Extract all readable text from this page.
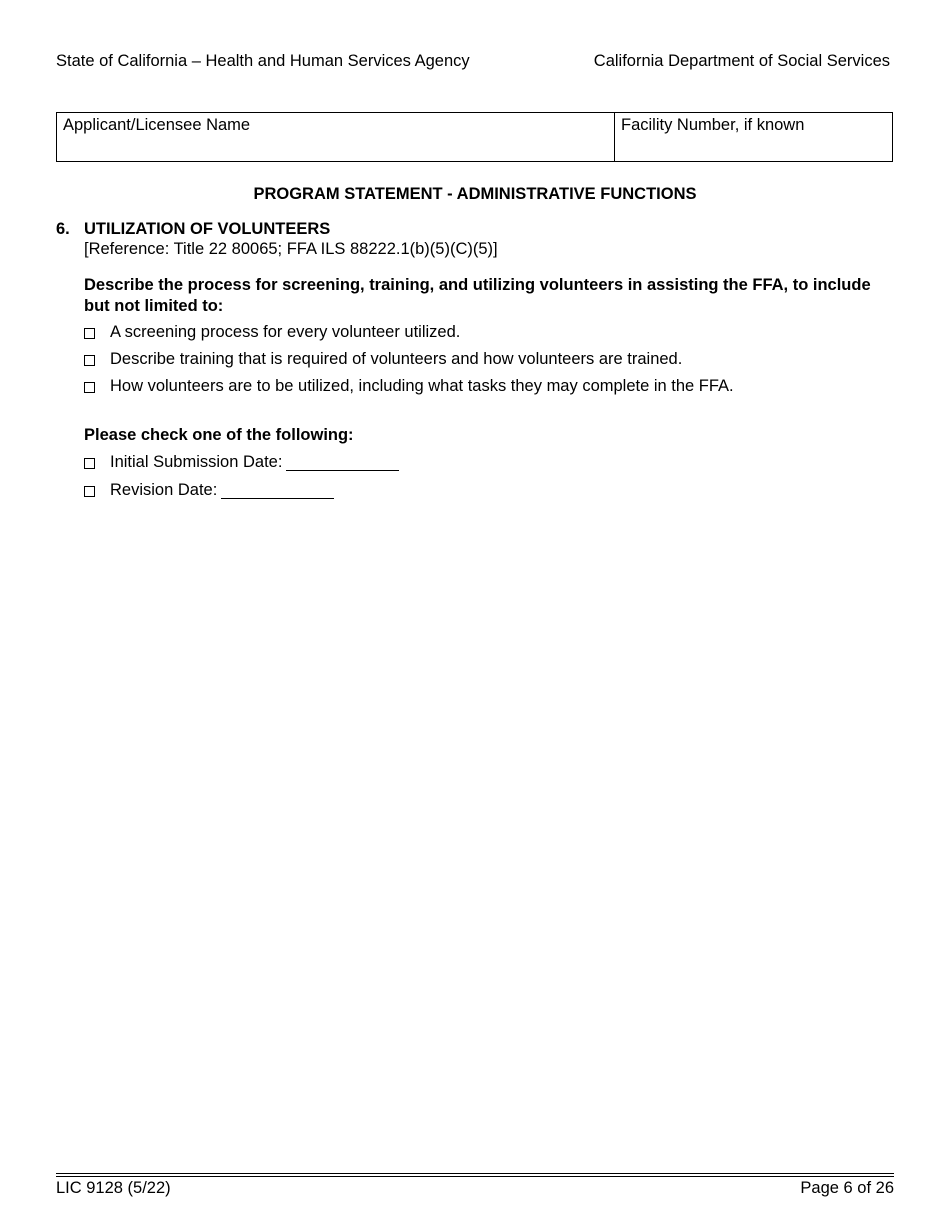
State of California – Health and Human Services Agency	California Department of Social Services
Applicant/Licensee Name	Facility Number, if known
PROGRAM STATEMENT - ADMINISTRATIVE FUNCTIONS
6. UTILIZATION OF VOLUNTEERS
[Reference: Title 22 80065; FFA ILS 88222.1(b)(5)(C)(5)]
Describe the process for screening, training, and utilizing volunteers in assisting the FFA, to include but not limited to:
A screening process for every volunteer utilized.
Describe training that is required of volunteers and how volunteers are trained.
How volunteers are to be utilized, including what tasks they may complete in the FFA.
Please check one of the following:
Initial Submission Date:
Revision Date:
LIC 9128 (5/22)	Page 6 of 26
